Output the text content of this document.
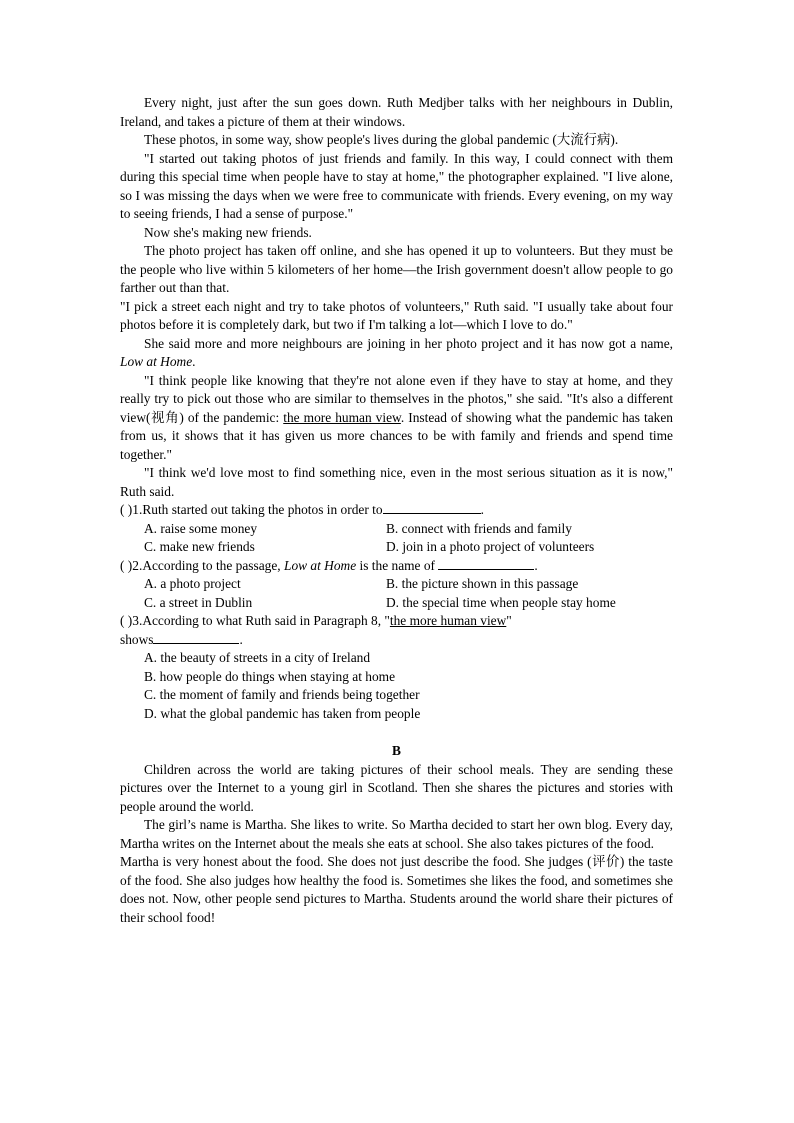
Every night, just after the sun goes down. Ruth Medjber talks with her neighbours in Dublin, Ireland, and takes a picture of them at their windows.

These photos, in some way, show people's lives during the global pandemic (大流行病).

"I started out taking photos of just friends and family. In this way, I could connect with them during this special time when people have to stay at home," the photographer explained. "I live alone, so I was missing the days when we were free to communicate with friends. Every evening, on my way to seeing friends, I had a sense of purpose."

Now she's making new friends.

The photo project has taken off online, and she has opened it up to volunteers. But they must be the people who live within 5 kilometers of her home—the Irish government doesn't allow people to go farther out than that.

"I pick a street each night and try to take photos of volunteers," Ruth said. "I usually take about four photos before it is completely dark, but two if I'm talking a lot—which I love to do."

She said more and more neighbours are joining in her photo project and it has now got a name, Low at Home.

"I think people like knowing that they're not alone even if they have to stay at home, and they really try to pick out those who are similar to themselves in the photos," she said. "It's also a different view(视角) of the pandemic: the more human view. Instead of showing what the pandemic has taken from us, it shows that it has given us more chances to be with family and friends and spend time together."

"I think we'd love most to find something nice, even in the most serious situation as it is now," Ruth said.

( )1.Ruth started out taking the photos in order to	.

A. raise some money	B. connect with friends and family
C. make new friends	D. join in a photo project of volunteers

( )2.According to the passage, Low at Home is the name of	.

A. a photo project	B. the picture shown in this passage
C. a street in Dublin	D. the special time when people stay home

( )3.According to what Ruth said in Paragraph 8, "the more human view"
shows	.

A. the beauty of streets in a city of Ireland

B. how people do things when staying at home

C. the moment of family and friends being together

D. what the global pandemic has taken from people

B

Children across the world are taking pictures of their school meals. They are sending these pictures over the Internet to a young girl in Scotland. Then she shares the pictures and stories with people around the world.

The girl’s name is Martha. She likes to write. So Martha decided to start her own blog. Every day, Martha writes on the Internet about the meals she eats at school. She also takes pictures of the food.

Martha is very honest about the food. She does not just describe the food. She judges (评价) the taste of the food. She also judges how healthy the food is. Sometimes she likes the food, and sometimes she does not. Now, other people send pictures to Martha. Students around the world share their pictures of their school food!
